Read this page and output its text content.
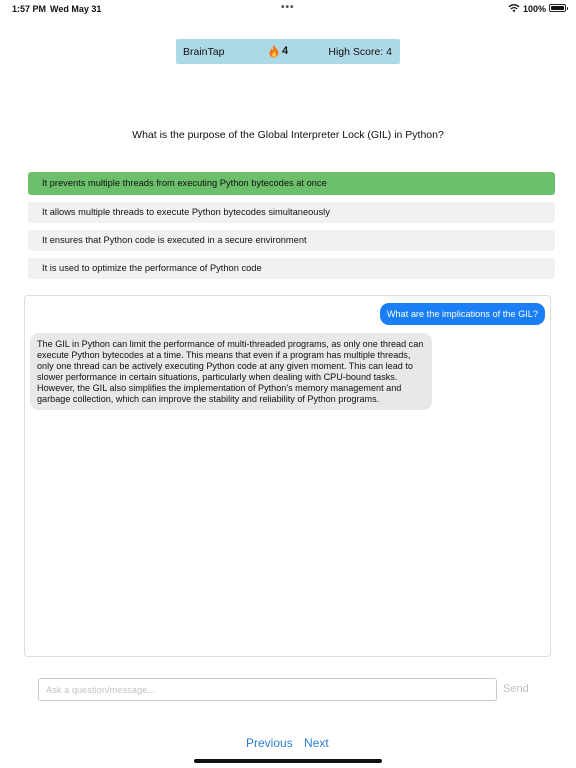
1:57 PM Wed May 31	•••	100%
BrainTap	4	High Score: 4
What is the purpose of the Global Interpreter Lock (GIL) in Python?
It prevents multiple threads from executing Python bytecodes at once
It allows multiple threads to execute Python bytecodes simultaneously
It ensures that Python code is executed in a secure environment
It is used to optimize the performance of Python code
What are the implications of the GIL?
The GIL in Python can limit the performance of multi-threaded programs, as only one thread can execute Python bytecodes at a time. This means that even if a program has multiple threads, only one thread can be actively executing Python code at any given moment. This can lead to slower performance in certain situations, particularly when dealing with CPU-bound tasks. However, the GIL also simplifies the implementation of Python's memory management and garbage collection, which can improve the stability and reliability of Python programs.
Ask a question/message...
Send
Previous Next
